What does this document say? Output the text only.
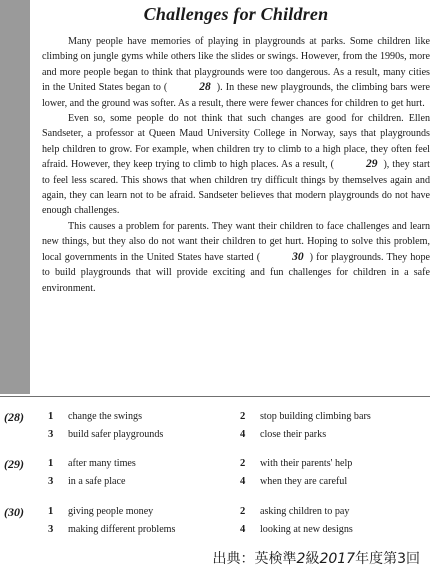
Challenges for Children

Many people have memories of playing in playgrounds at parks. Some children like climbing on jungle gyms while others like the slides or swings. However, from the 1990s, more and more people began to think that playgrounds were too dangerous. As a result, many cities in the United States began to (	28 ). In these new playgrounds, the climbing bars were lower, and the ground was softer. As a result, there were fewer chances for children to get hurt.

Even so, some people do not think that such changes are good for children. Ellen Sandseter, a professor at Queen Maud University College in Norway, says that playgrounds help children to grow. For example, when children try to climb to a high place, they often feel afraid. However, they keep trying to climb to high places. As a result, (	29 ), they start to feel less scared. This shows that when children try difficult things by themselves again and again, they can learn not to be afraid. Sandseter believes that modern playgrounds do not have enough challenges.

This causes a problem for parents. They want their children to face challenges and learn new things, but they also do not want their children to get hurt. Hoping to solve this problem, local governments in the United States have started (	30 ) for playgrounds. They hope to build playgrounds that will provide exciting and fun challenges for children in a safe environment.

(28) 1 change the swings	2 stop building climbing bars
3 build safer playgrounds	4 close their parks
(29) 1 after many times	2 with their parents' help
3 in a safe place	4 when they are careful
(30) 1 giving people money	2 asking children to pay
3 making different problems	4 looking at new designs
出典：英検準2級2017年度第3回
